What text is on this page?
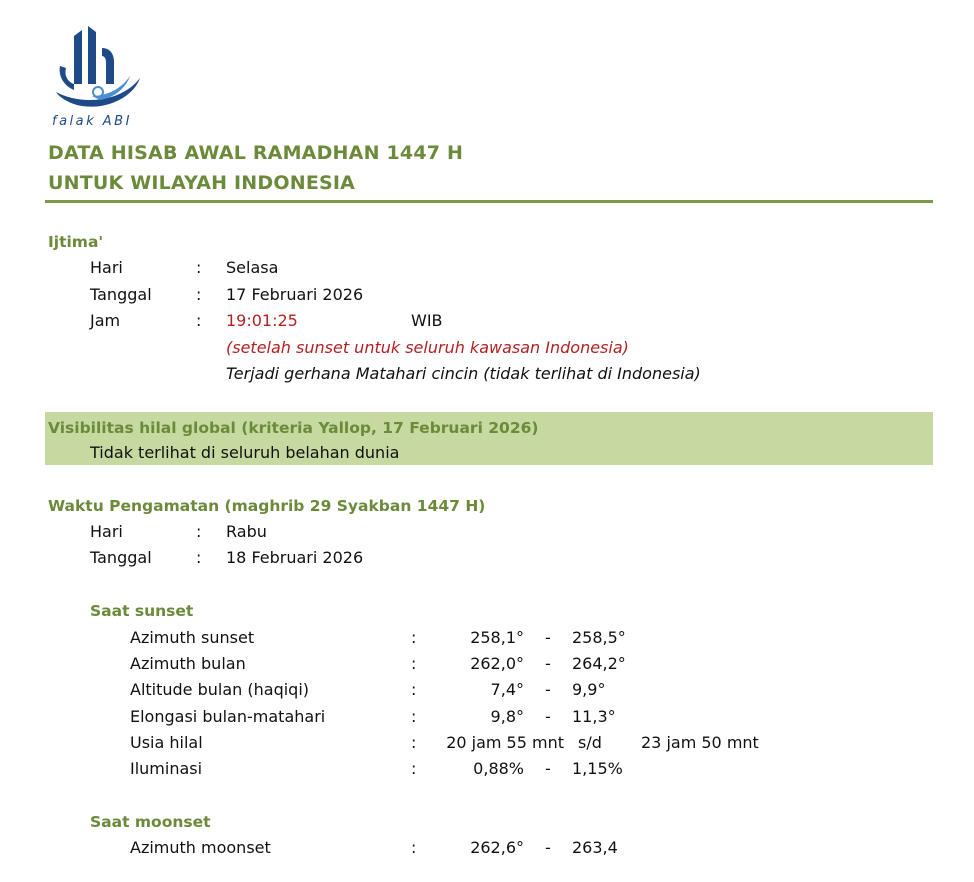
falak ABI
DATA HISAB AWAL RAMADHAN 1447 H
UNTUK WILAYAH INDONESIA
Ijtima'
Hari	: Selasa
Tanggal	: 17 Februari 2026
Jam	: 19:01:25	WIB
(setelah sunset untuk seluruh kawasan Indonesia)
Terjadi gerhana Matahari cincin (tidak terlihat di Indonesia)
Visibilitas hilal global (kriteria Yallop, 17 Februari 2026)
Tidak terlihat di seluruh belahan dunia
Waktu Pengamatan (maghrib 29 Syakban 1447 H)
Hari	: Rabu
Tanggal	: 18 Februari 2026
Saat sunset
Azimuth sunset	:	258,1° - 258,5°
Azimuth bulan	:	262,0° - 264,2°
Altitude bulan (haqiqi)	:	7,4° - 9,9°
Elongasi bulan-matahari	:	9,8° - 11,3°
Usia hilal	:	20 jam 55 mnt s/d 23 jam 50 mnt
Iluminasi	:	0,88% - 1,15%
Saat moonset
Azimuth moonset	:	262,6° - 263,4
